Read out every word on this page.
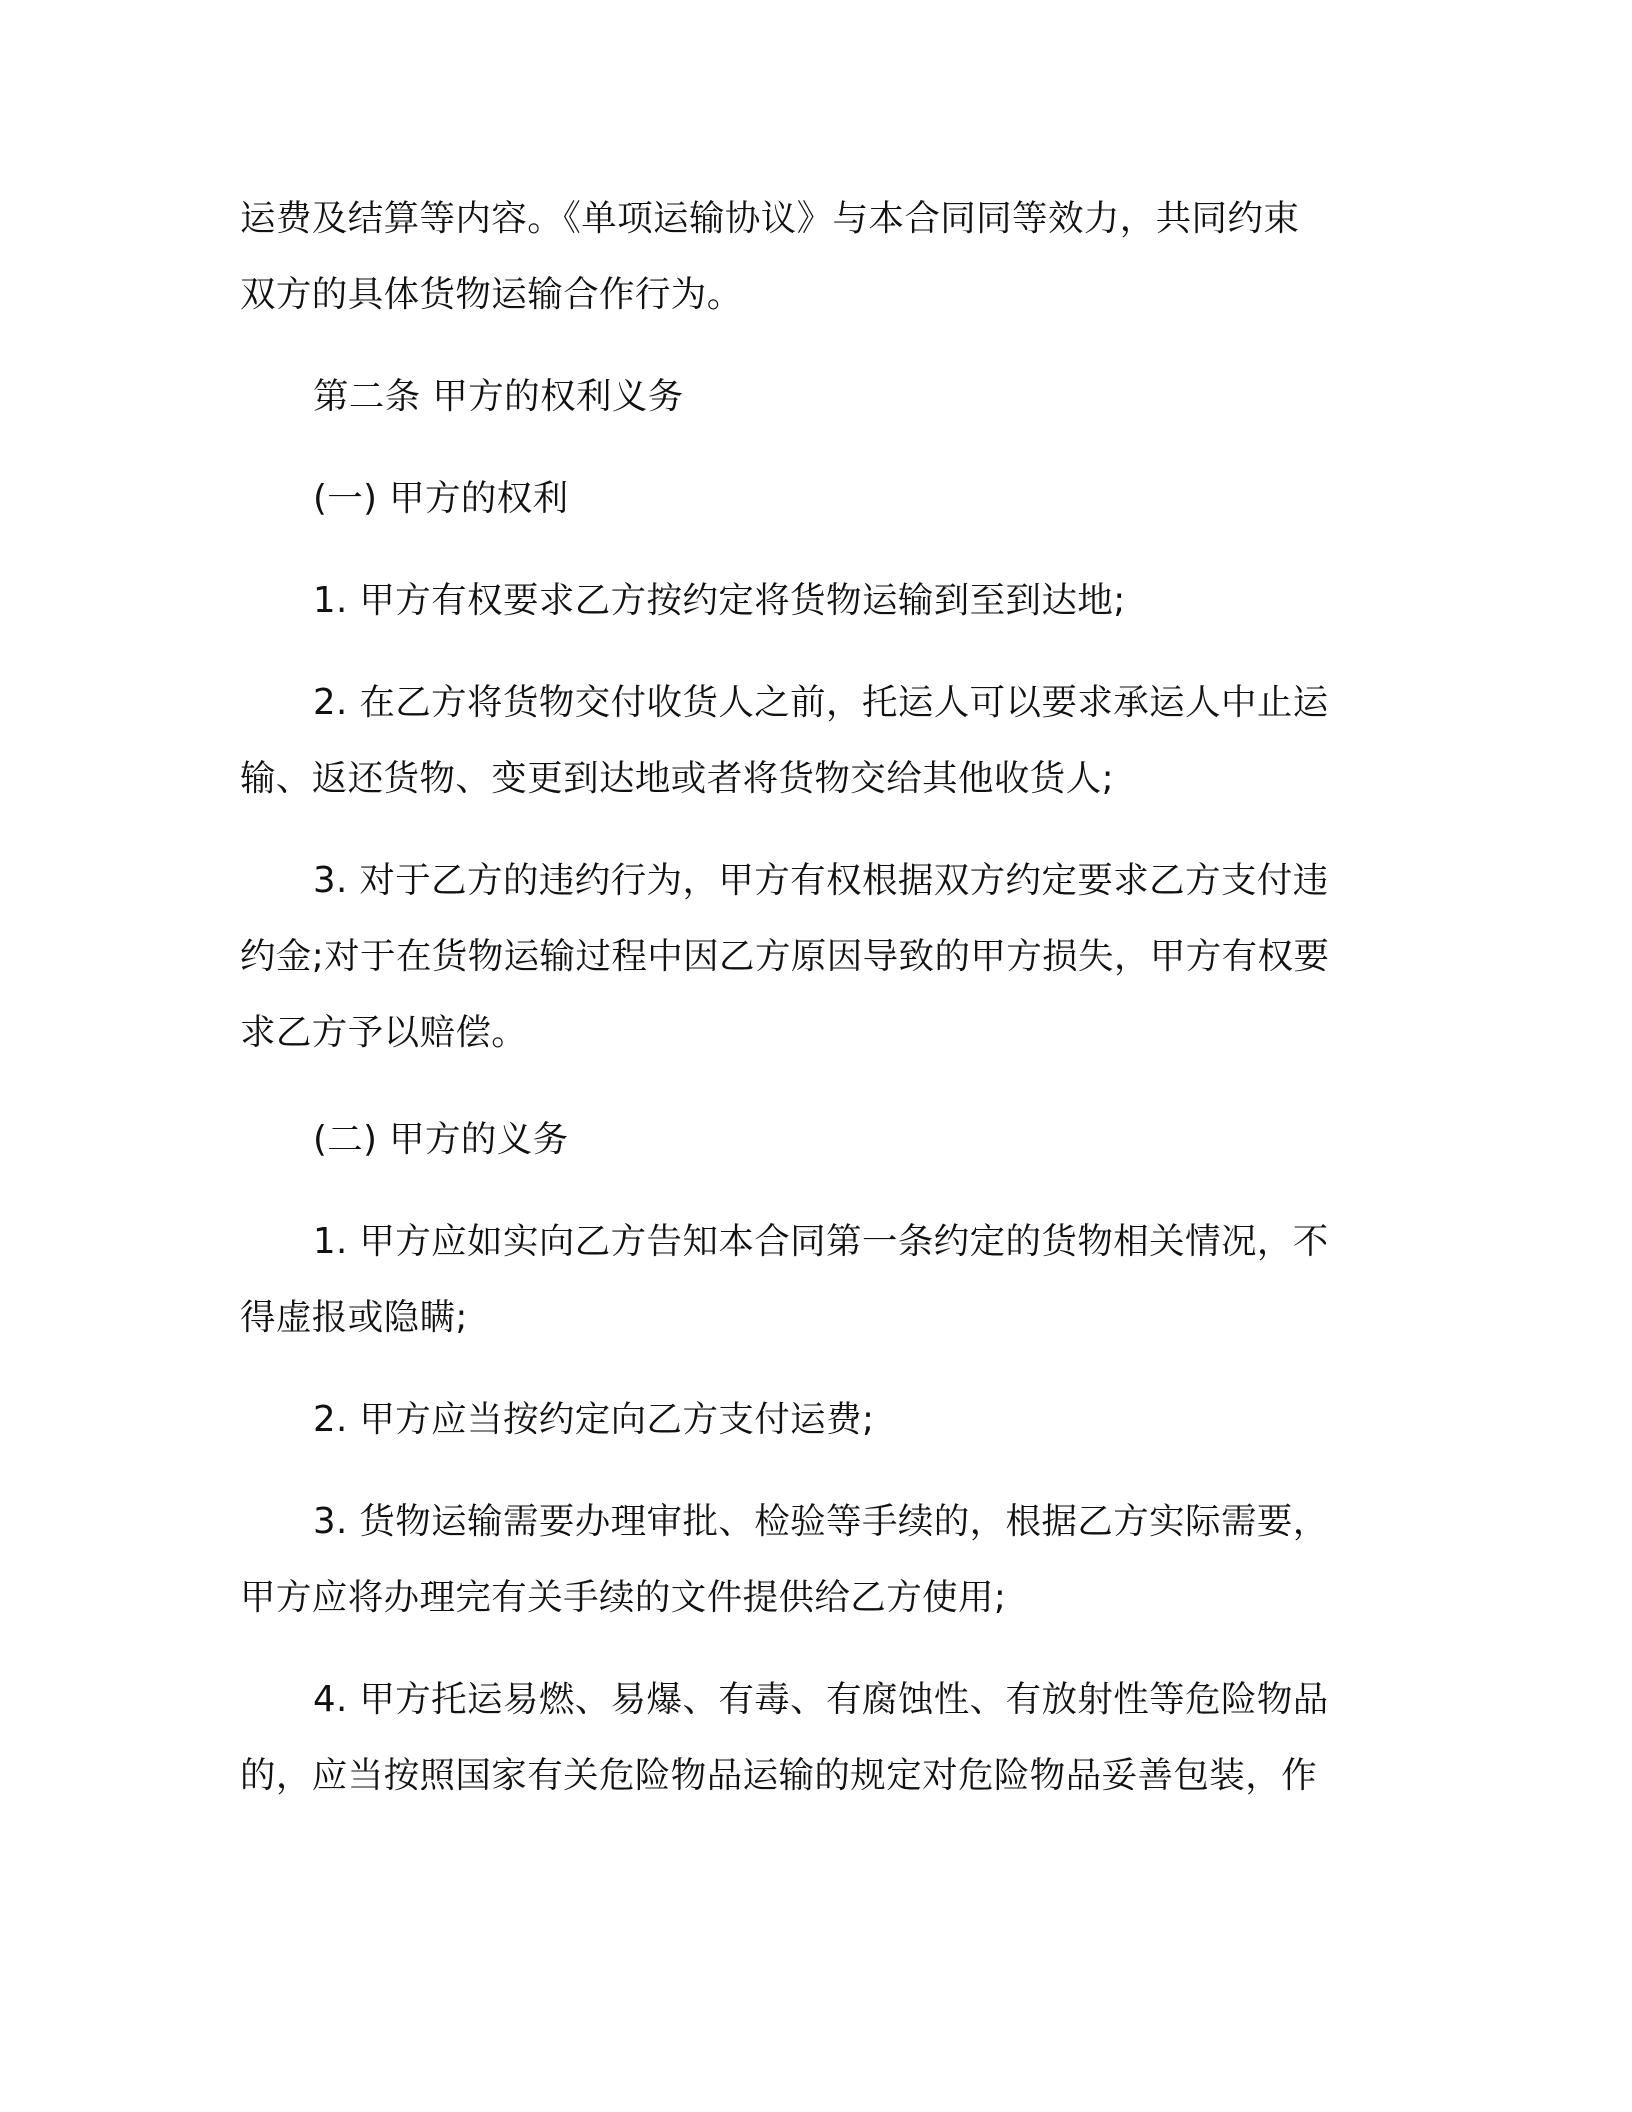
运费及结算等内容。《单项运输协议》与本合同同等效力，共同约束
双方的具体货物运输合作行为。
第二条 甲方的权利义务
(一) 甲方的权利
1. 甲方有权要求乙方按约定将货物运输到至到达地;
2. 在乙方将货物交付收货人之前，托运人可以要求承运人中止运
输、返还货物、变更到达地或者将货物交给其他收货人;
3. 对于乙方的违约行为，甲方有权根据双方约定要求乙方支付违
约金;对于在货物运输过程中因乙方原因导致的甲方损失，甲方有权要
求乙方予以赔偿。
(二) 甲方的义务
1. 甲方应如实向乙方告知本合同第一条约定的货物相关情况，不
得虚报或隐瞒;
2. 甲方应当按约定向乙方支付运费;
3. 货物运输需要办理审批、检验等手续的，根据乙方实际需要，
甲方应将办理完有关手续的文件提供给乙方使用;
4. 甲方托运易燃、易爆、有毒、有腐蚀性、有放射性等危险物品
的，应当按照国家有关危险物品运输的规定对危险物品妥善包装，作
